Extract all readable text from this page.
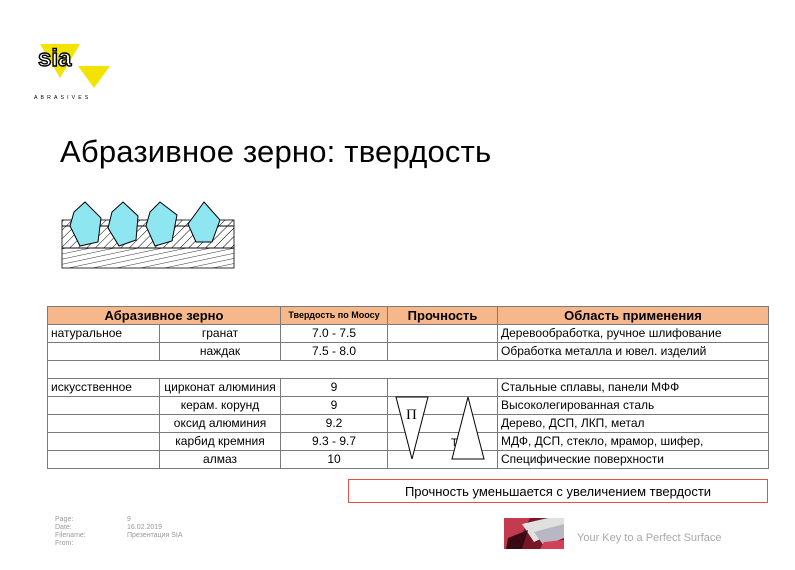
sia
ABRASIVES
Абразивное зерно: твердость
Абразивное зерно		Твердость по Моосу	Прочность	Область применения
натуральное	гранат	7.0 - 7.5		Деревообработка, ручное шлифование
	наждак	7.5 - 8.0		Обработка металла и ювел. изделий

искусственное	цирконат алюминия	9		Стальные сплавы, панели МФФ
	керам. корунд	9		Высоколегированная сталь
	оксид алюминия	9.2		Дерево, ДСП, ЛКП, метал
	карбид кремния	9.3 - 9.7		МДФ, ДСП, стекло, мрамор, шифер,
	алмаз	10		Специфические поверхности
П
Т
Прочность уменьшается с увеличением твердости
Page:	9
Date:	16.02.2019
Filename:	Презентация SIA
From:	Your Key to a Perfect Surface
